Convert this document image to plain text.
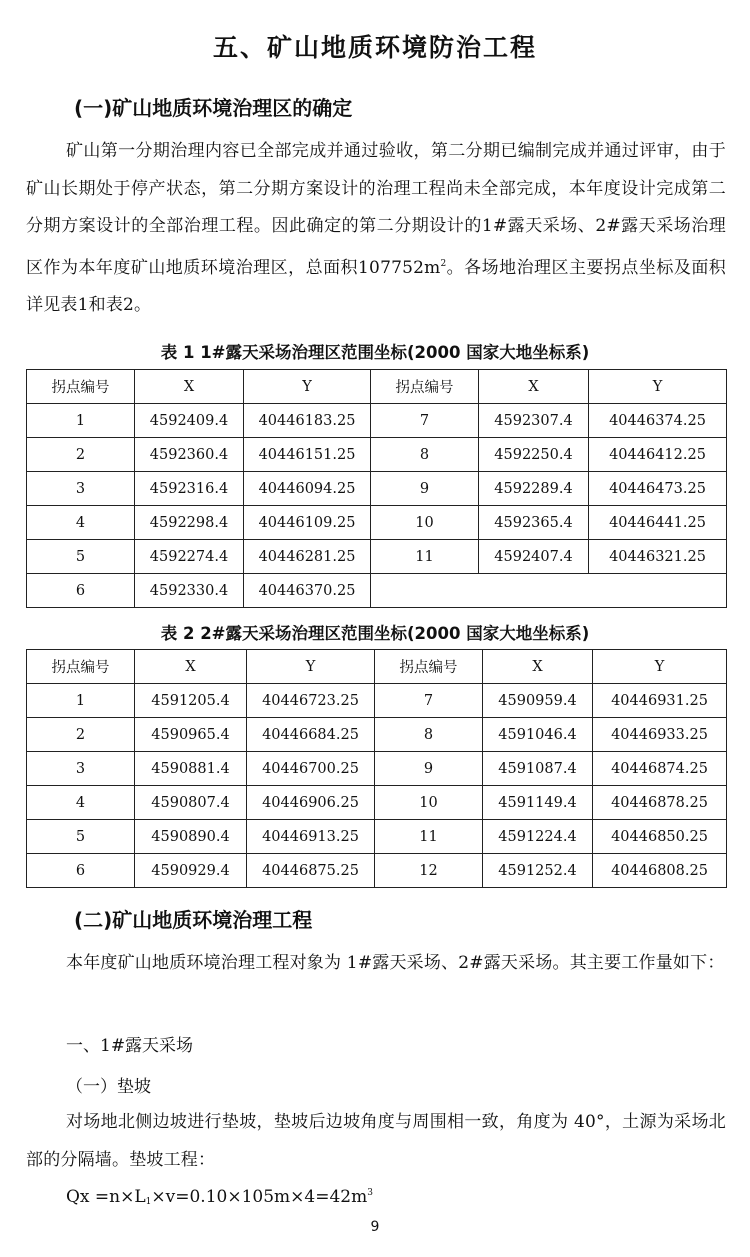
五、矿山地质环境防治工程
(一)矿山地质环境治理区的确定

矿山第一分期治理内容已全部完成并通过验收，第二分期已编制完成并通过评审，由于矿山长期处于停产状态，第二分期方案设计的治理工程尚未全部完成，本年度设计完成第二分期方案设计的全部治理工程。因此确定的第二分期设计的1#露天采场、2#露天采场治理区作为本年度矿山地质环境治理区，总面积$107752m^2$。各场地治理区主要拐点坐标及面积详见表1和表2。

表 1 1#露天采场治理区范围坐标(2000 国家大地坐标系)
拐点编号	X	Y	拐点编号	X	Y
1	4592409.4	40446183.25	7	4592307.4	40446374.25
2	4592360.4	40446151.25	8	4592250.4	40446412.25
3	4592316.4	40446094.25	9	4592289.4	40446473.25
4	4592298.4	40446109.25	10	4592365.4	40446441.25
5	4592274.4	40446281.25	11	4592407.4	40446321.25
6	4592330.4	40446370.25			
表 2 2#露天采场治理区范围坐标(2000 国家大地坐标系)
拐点编号	X	Y	拐点编号	X	Y
1	4591205.4	40446723.25	7	4590959.4	40446931.25
2	4590965.4	40446684.25	8	4591046.4	40446933.25
3	4590881.4	40446700.25	9	4591087.4	40446874.25
4	4590807.4	40446906.25	10	4591149.4	40446878.25
5	4590890.4	40446913.25	11	4591224.4	40446850.25
6	4590929.4	40446875.25	12	4591252.4	40446808.25
(二)矿山地质环境治理工程

本年度矿山地质环境治理工程对象为 1#露天采场、2#露天采场。其主要工作量如下：

一、1#露天采场
（一）垫坡

对场地北侧边坡进行垫坡，垫坡后边坡角度与周围相一致，角度为 40°，土源为采场北部的分隔墙。垫坡工程：

$Qx =n\times L_1\times v=0.10\times 105m\times 4=42m^3$
9
